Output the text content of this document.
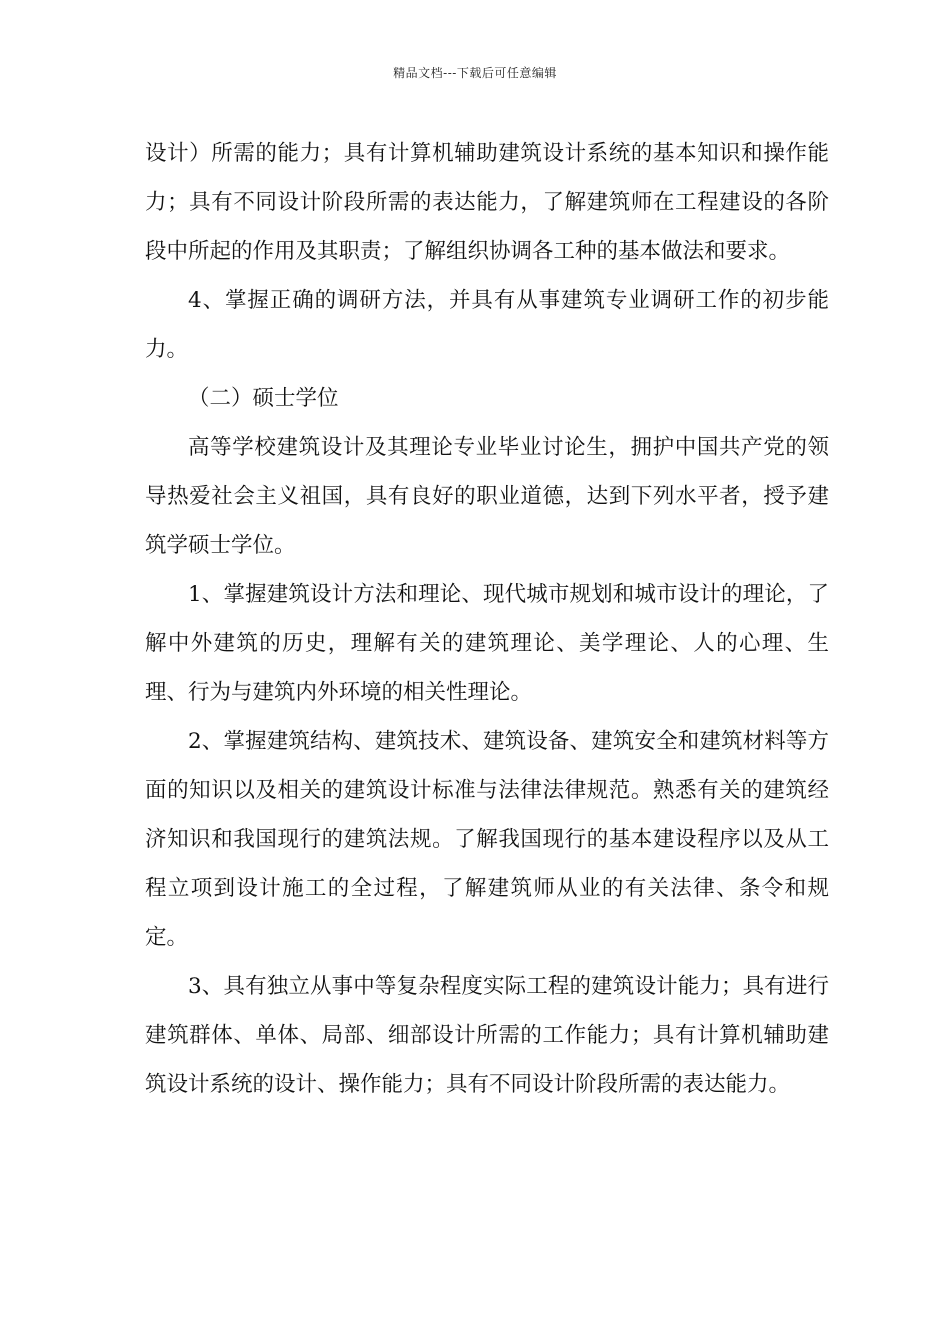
精品文档---下载后可任意编辑

设计）所需的能力；具有计算机辅助建筑设计系统的基本知识和操作能力；具有不同设计阶段所需的表达能力，了解建筑师在工程建设的各阶段中所起的作用及其职责；了解组织协调各工种的基本做法和要求。

4、掌握正确的调研方法，并具有从事建筑专业调研工作的初步能力。

（二）硕士学位

高等学校建筑设计及其理论专业毕业讨论生，拥护中国共产党的领导热爱社会主义祖国，具有良好的职业道德，达到下列水平者，授予建筑学硕士学位。

1、掌握建筑设计方法和理论、现代城市规划和城市设计的理论，了解中外建筑的历史，理解有关的建筑理论、美学理论、人的心理、生理、行为与建筑内外环境的相关性理论。

2、掌握建筑结构、建筑技术、建筑设备、建筑安全和建筑材料等方面的知识以及相关的建筑设计标准与法律法律规范。熟悉有关的建筑经济知识和我国现行的建筑法规。了解我国现行的基本建设程序以及从工程立项到设计施工的全过程，了解建筑师从业的有关法律、条令和规定。

3、具有独立从事中等复杂程度实际工程的建筑设计能力；具有进行建筑群体、单体、局部、细部设计所需的工作能力；具有计算机辅助建筑设计系统的设计、操作能力；具有不同设计阶段所需的表达能力。
